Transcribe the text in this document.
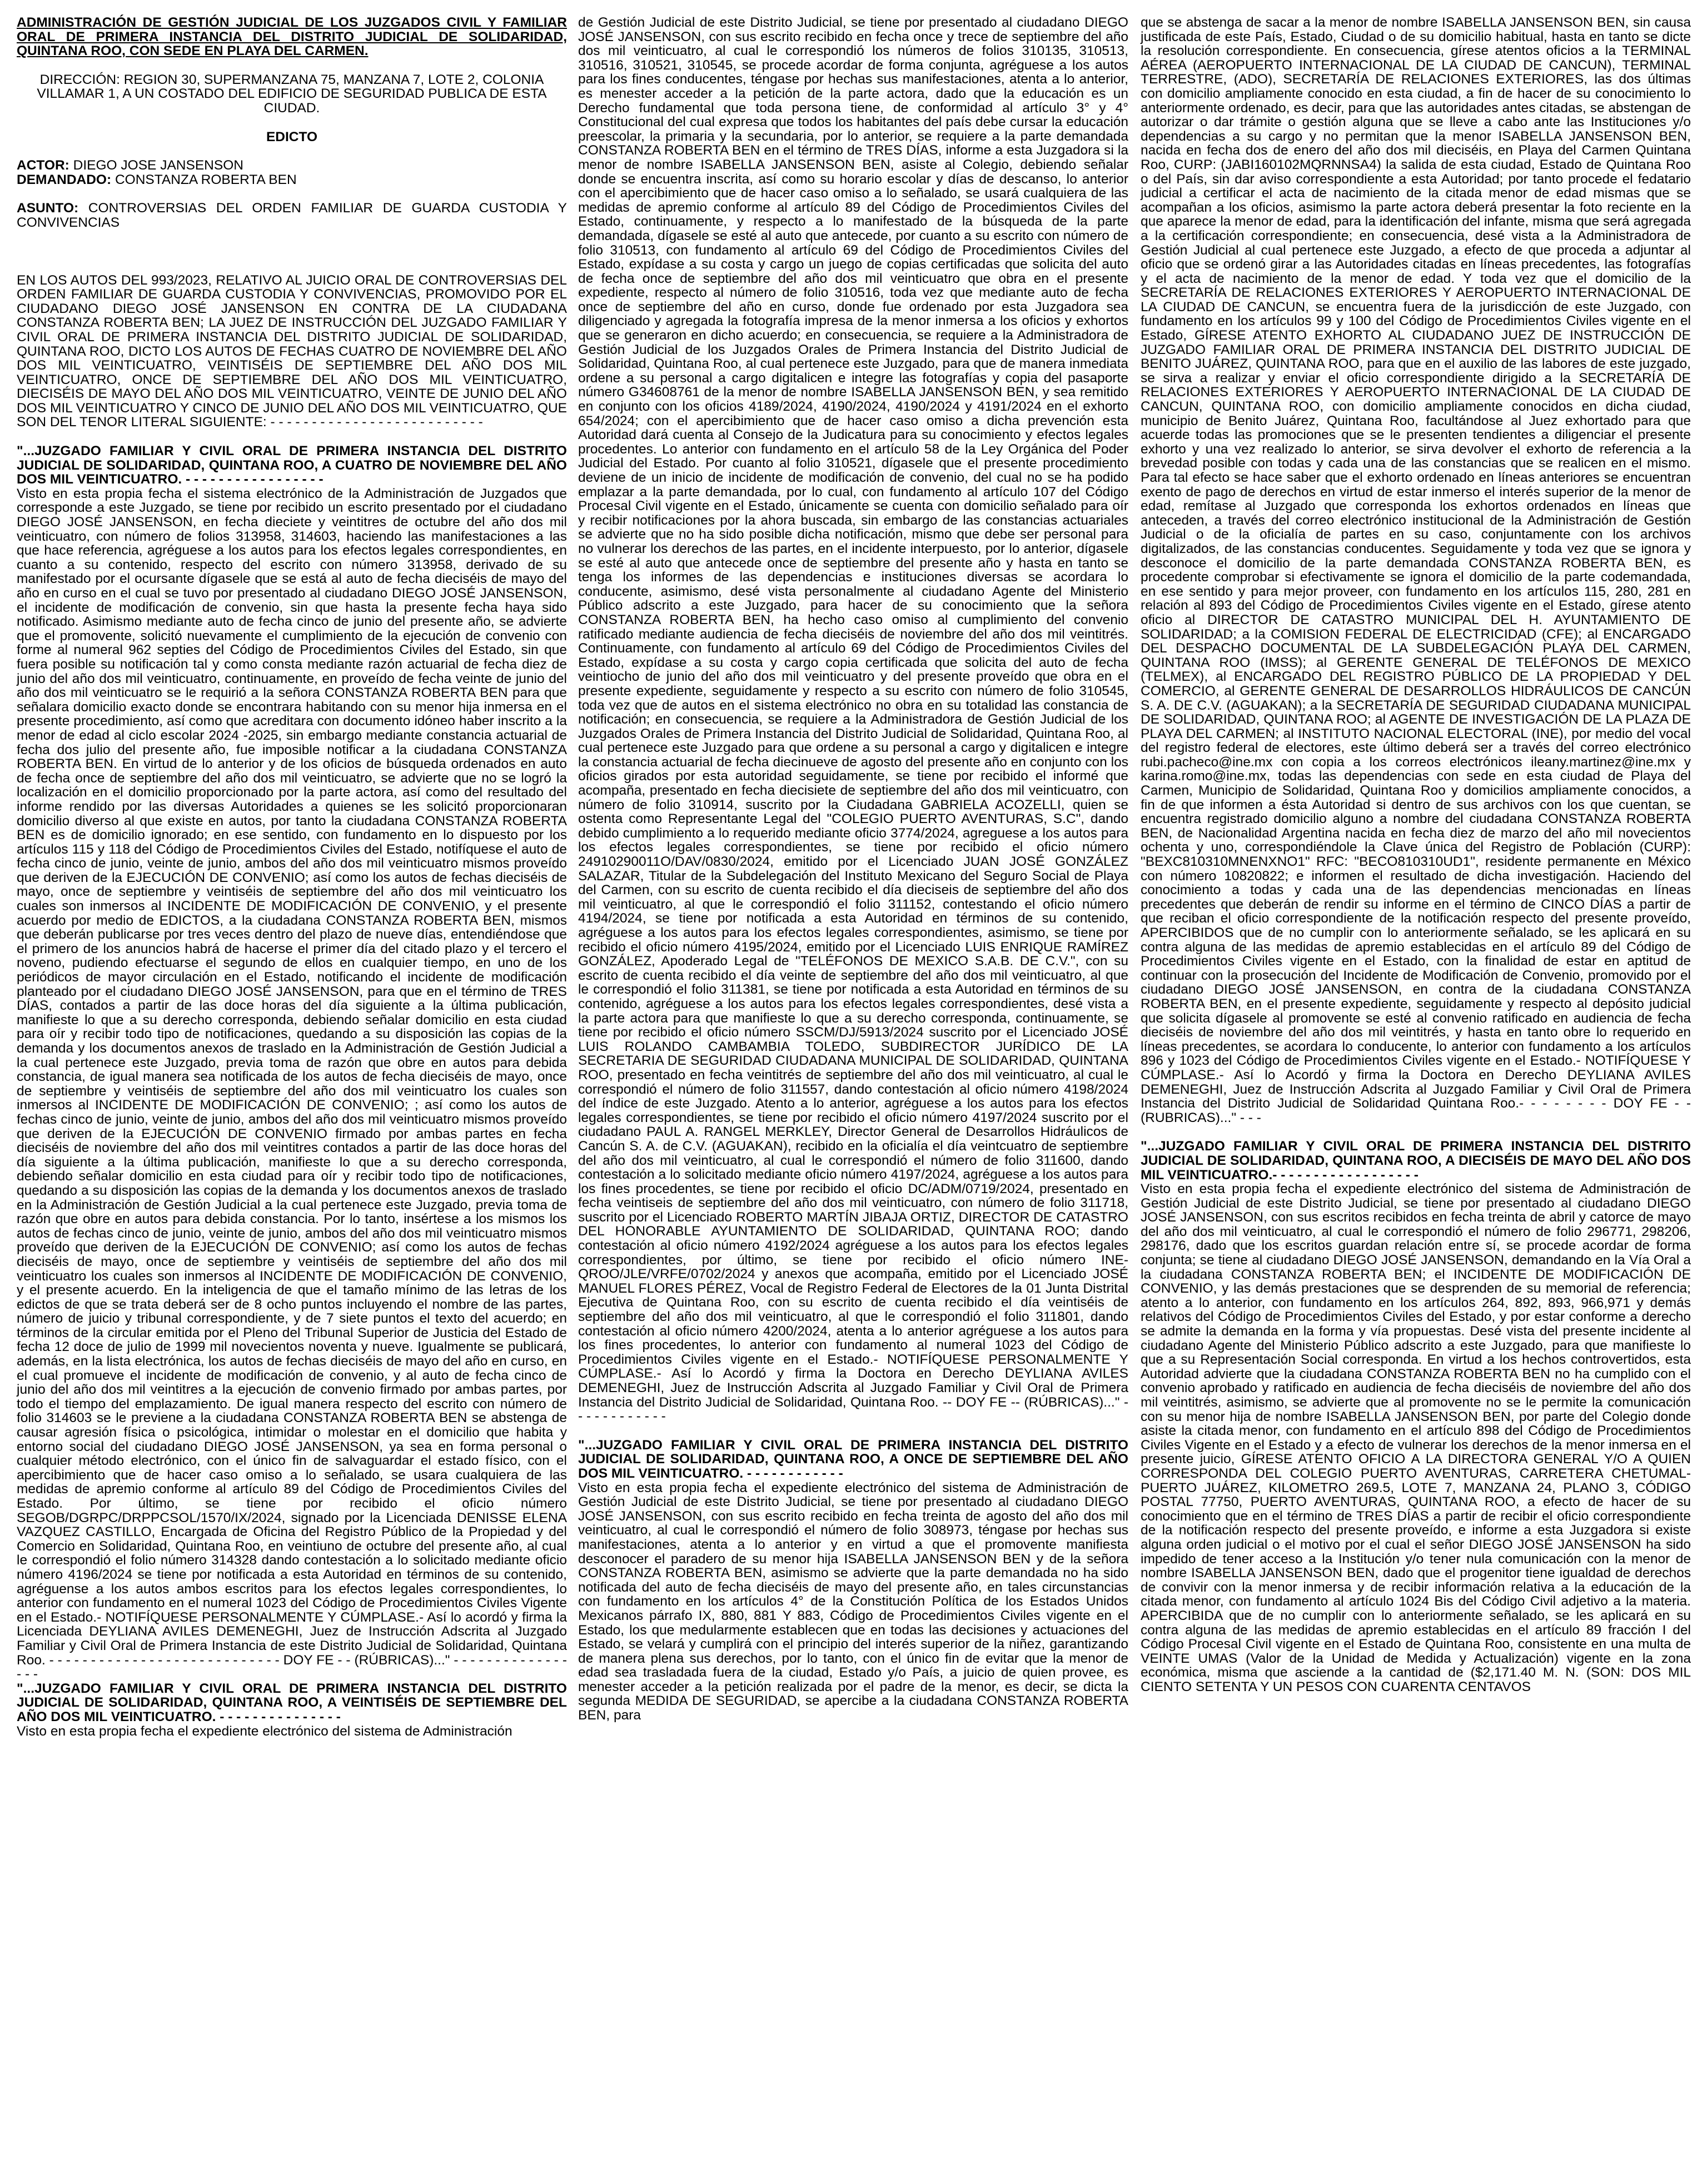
ADMINISTRACIÓN DE GESTIÓN JUDICIAL DE LOS JUZGADOS CIVIL Y FAMILIAR ORAL DE PRIMERA INSTANCIA DEL DISTRITO JUDICIAL DE SOLIDARIDAD, QUINTANA ROO, CON SEDE EN PLAYA DEL CARMEN.
DIRECCIÓN: REGION 30, SUPERMANZANA 75, MANZANA 7, LOTE 2, COLONIA VILLAMAR 1, A UN COSTADO DEL EDIFICIO DE SEGURIDAD PUBLICA DE ESTA CIUDAD.
EDICTO
ACTOR: DIEGO JOSE JANSENSON
DEMANDADO: CONSTANZA ROBERTA BEN
ASUNTO: CONTROVERSIAS DEL ORDEN FAMILIAR DE GUARDA CUSTODIA Y CONVIVENCIAS

EN LOS AUTOS DEL 993/2023, RELATIVO AL JUICIO ORAL DE CONTROVERSIAS DEL ORDEN FAMILIAR DE GUARDA CUSTODIA Y CONVIVENCIAS, PROMOVIDO POR EL CIUDADANO DIEGO JOSÉ JANSENSON EN CONTRA DE LA CIUDADANA CONSTANZA ROBERTA BEN; LA JUEZ DE INSTRUCCIÓN DEL JUZGADO FAMILIAR Y CIVIL ORAL DE PRIMERA INSTANCIA DEL DISTRITO JUDICIAL DE SOLIDARIDAD, QUINTANA ROO, DICTO LOS AUTOS DE FECHAS CUATRO DE NOVIEMBRE DEL AÑO DOS MIL VEINTICUATRO, VEINTISÉIS DE SEPTIEMBRE DEL AÑO DOS MIL VEINTICUATRO, ONCE DE SEPTIEMBRE DEL AÑO DOS MIL VEINTICUATRO, DIECISÉIS DE MAYO DEL AÑO DOS MIL VEINTICUATRO, VEINTE DE JUNIO DEL AÑO DOS MIL VEINTICUATRO Y CINCO DE JUNIO DEL AÑO DOS MIL VEINTICUATRO, QUE SON DEL TENOR LITERAL SIGUIENTE: - - - - - - - - - - - - - - - - - - - - - - - - - -

"...JUZGADO FAMILIAR Y CIVIL ORAL DE PRIMERA INSTANCIA DEL DISTRITO JUDICIAL DE SOLIDARIDAD, QUINTANA ROO, A CUATRO DE NOVIEMBRE DEL AÑO DOS MIL VEINTICUATRO. - - - - - - - - - - - - - - - - -

Visto en esta propia fecha el sistema electrónico de la Administración de Juzgados que corresponde a este Juzgado, se tiene por recibido un escrito presentado por el ciudadano DIEGO JOSÉ JANSENSON, en fecha dieciete y veintitres de octubre del año dos mil veinticuatro, con número de folios 313958, 314603, haciendo las manifestaciones a las que hace referencia, agréguese a los autos para los efectos legales correspondientes, en cuanto a su contenido, respecto del escrito con número 313958, derivado de su manifestado por el ocursante dígasele que se está al auto de fecha dieciséis de mayo del año en curso en el cual se tuvo por presentado al ciudadano DIEGO JOSÉ JANSENSON, el incidente de modificación de convenio, sin que hasta la presente fecha haya sido notificado. Asimismo mediante auto de fecha cinco de junio del presente año, se advierte que el promovente, solicitó nuevamente el cumplimiento de la ejecución de convenio con forme al numeral 962 septies del Código de Procedimientos Civiles del Estado, sin que fuera posible su notificación tal y como consta mediante razón actuarial de fecha diez de junio del año dos mil veinticuatro, continuamente, en proveído de fecha veinte de junio del año dos mil veinticuatro se le requirió a la señora CONSTANZA ROBERTA BEN para que señalara domicilio exacto donde se encontrara habitando con su menor hija inmersa en el presente procedimiento, así como que acreditara con documento idóneo haber inscrito a la menor de edad al ciclo escolar 2024 -2025, sin embargo mediante constancia actuarial de fecha dos julio del presente año, fue imposible notificar a la ciudadana CONSTANZA ROBERTA BEN. En virtud de lo anterior y de los oficios de búsqueda ordenados en auto de fecha once de septiembre del año dos mil veinticuatro, se advierte que no se logró la localización en el domicilio proporcionado por la parte actora, así como del resultado del informe rendido por las diversas Autoridades a quienes se les solicitó proporcionaran domicilio diverso al que existe en autos, por tanto la ciudadana CONSTANZA ROBERTA BEN es de domicilio ignorado; en ese sentido, con fundamento en lo dispuesto por los artículos 115 y 118 del Código de Procedimientos Civiles del Estado, notifíquese el auto de fecha cinco de junio, veinte de junio, ambos del año dos mil veinticuatro mismos proveído que deriven de la EJECUCIÓN DE CONVENIO; así como los autos de fechas dieciséis de mayo, once de septiembre y veintiséis de septiembre del año dos mil veinticuatro los cuales son inmersos al INCIDENTE DE MODIFICACIÓN DE CONVENIO, y el presente acuerdo por medio de EDICTOS, a la ciudadana CONSTANZA ROBERTA BEN, mismos que deberán publicarse por tres veces dentro del plazo de nueve días, entendiéndose que el primero de los anuncios habrá de hacerse el primer día del citado plazo y el tercero el noveno, pudiendo efectuarse el segundo de ellos en cualquier tiempo, en uno de los periódicos de mayor circulación en el Estado, notificando el incidente de modificación planteado por el ciudadano DIEGO JOSÉ JANSENSON, para que en el término de TRES DÍAS, contados a partir de las doce horas del día siguiente a la última publicación, manifieste lo que a su derecho corresponda, debiendo señalar domicilio en esta ciudad para oír y recibir todo tipo de notificaciones, quedando a su disposición las copias de la demanda y los documentos anexos de traslado en la Administración de Gestión Judicial a la cual pertenece este Juzgado, previa toma de razón que obre en autos para debida constancia, de igual manera sea notificada de los autos de fecha dieciséis de mayo, once de septiembre y veintiséis de septiembre del año dos mil veinticuatro los cuales son inmersos al INCIDENTE DE MODIFICACIÓN DE CONVENIO; ; así como los autos de fechas cinco de junio, veinte de junio, ambos del año dos mil veinticuatro mismos proveído que deriven de la EJECUCIÓN DE CONVENIO firmado por ambas partes en fecha dieciséis de noviembre del año dos mil veintitres contados a partir de las doce horas del día siguiente a la última publicación, manifieste lo que a su derecho corresponda, debiendo señalar domicilio en esta ciudad para oír y recibir todo tipo de notificaciones, quedando a su disposición las copias de la demanda y los documentos anexos de traslado en la Administración de Gestión Judicial a la cual pertenece este Juzgado, previa toma de razón que obre en autos para debida constancia. Por lo tanto, insértese a los mismos los autos de fechas cinco de junio, veinte de junio, ambos del año dos mil veinticuatro mismos proveído que deriven de la EJECUCIÓN DE CONVENIO; así como los autos de fechas dieciséis de mayo, once de septiembre y veintiséis de septiembre del año dos mil veinticuatro los cuales son inmersos al INCIDENTE DE MODIFICACIÓN DE CONVENIO, y el presente acuerdo. En la inteligencia de que el tamaño mínimo de las letras de los edictos de que se trata deberá ser de 8 ocho puntos incluyendo el nombre de las partes, número de juicio y tribunal correspondiente, y de 7 siete puntos el texto del acuerdo; en términos de la circular emitida por el Pleno del Tribunal Superior de Justicia del Estado de fecha 12 doce de julio de 1999 mil novecientos noventa y nueve. Igualmente se publicará, además, en la lista electrónica, los autos de fechas dieciséis de mayo del año en curso, en el cual promueve el incidente de modificación de convenio, y al auto de fecha cinco de junio del año dos mil veintitres a la ejecución de convenio firmado por ambas partes, por todo el tiempo del emplazamiento. De igual manera respecto del escrito con número de folio 314603 se le previene a la ciudadana CONSTANZA ROBERTA BEN se abstenga de causar agresión física o psicológica, intimidar o molestar en el domicilio que habita y entorno social del ciudadano DIEGO JOSÉ JANSENSON, ya sea en forma personal o cualquier método electrónico, con el único fin de salvaguardar el estado físico, con el apercibimiento que de hacer caso omiso a lo señalado, se usara cualquiera de las medidas de apremio conforme al artículo 89 del Código de Procedimientos Civiles del Estado. Por último, se tiene por recibido el oficio número SEGOB/DGRPC/DRPPCSOL/1570/IX/2024, signado por la Licenciada DENISSE ELENA VAZQUEZ CASTILLO, Encargada de Oficina del Registro Público de la Propiedad y del Comercio en Solidaridad, Quintana Roo, en veintiuno de octubre del presente año, al cual le correspondió el folio número 314328 dando contestación a lo solicitado mediante oficio número 4196/2024 se tiene por notificada a esta Autoridad en términos de su contenido, agréguense a los autos ambos escritos para los efectos legales correspondientes, lo anterior con fundamento en el numeral 1023 del Código de Procedimientos Civiles Vigente en el Estado.- NOTIFÍQUESE PERSONALMENTE Y CÚMPLASE.- Así lo acordó y firma la Licenciada DEYLIANA AVILES DEMENEGHI, Juez de Instrucción Adscrita al Juzgado Familiar y Civil Oral de Primera Instancia de este Distrito Judicial de Solidaridad, Quintana Roo. - - - - - - - - - - - - - - - - - - - - - - - - - - - - DOY FE - - (RÚBRICAS)..." - - - - - - - - - - - - - - - - -

"...JUZGADO FAMILIAR Y CIVIL ORAL DE PRIMERA INSTANCIA DEL DISTRITO JUDICIAL DE SOLIDARIDAD, QUINTANA ROO, A VEINTISÉIS DE SEPTIEMBRE DEL AÑO DOS MIL VEINTICUATRO. - - - - - - - - - - - - - - -

Visto en esta propia fecha el expediente electrónico del sistema de Administración

de Gestión Judicial de este Distrito Judicial, se tiene por presentado al ciudadano DIEGO JOSÉ JANSENSON, con sus escrito recibido en fecha once y trece de septiembre del año dos mil veinticuatro, al cual le correspondió los números de folios 310135, 310513, 310516, 310521, 310545, se procede acordar de forma conjunta, agréguese a los autos para los fines conducentes, téngase por hechas sus manifestaciones, atenta a lo anterior, es menester acceder a la petición de la parte actora, dado que la educación es un Derecho fundamental que toda persona tiene, de conformidad al artículo 3° y 4° Constitucional del cual expresa que todos los habitantes del país debe cursar la educación preescolar, la primaria y la secundaria, por lo anterior, se requiere a la parte demandada CONSTANZA ROBERTA BEN en el término de TRES DÍAS, informe a esta Juzgadora si la menor de nombre ISABELLA JANSENSON BEN, asiste al Colegio, debiendo señalar donde se encuentra inscrita, así como su horario escolar y días de descanso, lo anterior con el apercibimiento que de hacer caso omiso a lo señalado, se usará cualquiera de las medidas de apremio conforme al artículo 89 del Código de Procedimientos Civiles del Estado, continuamente, y respecto a lo manifestado de la búsqueda de la parte demandada, dígasele se esté al auto que antecede, por cuanto a su escrito con número de folio 310513, con fundamento al artículo 69 del Código de Procedimientos Civiles del Estado, expídase a su costa y cargo un juego de copias certificadas que solicita del auto de fecha once de septiembre del año dos mil veinticuatro que obra en el presente expediente, respecto al número de folio 310516, toda vez que mediante auto de fecha once de septiembre del año en curso, donde fue ordenado por esta Juzgadora sea diligenciado y agregada la fotografía impresa de la menor inmersa a los oficios y exhortos que se generaron en dicho acuerdo; en consecuencia, se requiere a la Administradora de Gestión Judicial de los Juzgados Orales de Primera Instancia del Distrito Judicial de Solidaridad, Quintana Roo, al cual pertenece este Juzgado, para que de manera inmediata ordene a su personal a cargo digitalicen e integre las fotografías y copia del pasaporte número G34608761 de la menor de nombre ISABELLA JANSENSON BEN, y sea remitido en conjunto con los oficios 4189/2024, 4190/2024, 4190/2024 y 4191/2024 en el exhorto 654/2024; con el apercibimiento que de hacer caso omiso a dicha prevención esta Autoridad dará cuenta al Consejo de la Judicatura para su conocimiento y efectos legales procedentes. Lo anterior con fundamento en el artículo 58 de la Ley Orgánica del Poder Judicial del Estado. Por cuanto al folio 310521, dígasele que el presente procedimiento deviene de un inicio de incidente de modificación de convenio, del cual no se ha podido emplazar a la parte demandada, por lo cual, con fundamento al artículo 107 del Código Procesal Civil vigente en el Estado, únicamente se cuenta con domicilio señalado para oír y recibir notificaciones por la ahora buscada, sin embargo de las constancias actuariales se advierte que no ha sido posible dicha notificación, mismo que debe ser personal para no vulnerar los derechos de las partes, en el incidente interpuesto, por lo anterior, dígasele se esté al auto que antecede once de septiembre del presente año y hasta en tanto se tenga los informes de las dependencias e instituciones diversas se acordara lo conducente, asimismo, desé vista personalmente al ciudadano Agente del Ministerio Público adscrito a este Juzgado, para hacer de su conocimiento que la señora CONSTANZA ROBERTA BEN, ha hecho caso omiso al cumplimiento del convenio ratificado mediante audiencia de fecha dieciséis de noviembre del año dos mil veintitrés. Continuamente, con fundamento al artículo 69 del Código de Procedimientos Civiles del Estado, expídase a su costa y cargo copia certificada que solicita del auto de fecha veintiocho de junio del año dos mil veinticuatro y del presente proveído que obra en el presente expediente, seguidamente y respecto a su escrito con número de folio 310545, toda vez que de autos en el sistema electrónico no obra en su totalidad las constancia de notificación; en consecuencia, se requiere a la Administradora de Gestión Judicial de los Juzgados Orales de Primera Instancia del Distrito Judicial de Solidaridad, Quintana Roo, al cual pertenece este Juzgado para que ordene a su personal a cargo y digitalicen e integre la constancia actuarial de fecha diecinueve de agosto del presente año en conjunto con los oficios girados por esta autoridad seguidamente, se tiene por recibido el informé que acompaña, presentado en fecha diecisiete de septiembre del año dos mil veinticuatro, con número de folio 310914, suscrito por la Ciudadana GABRIELA ACOZELLI, quien se ostenta como Representante Legal del "COLEGIO PUERTO AVENTURAS, S.C", dando debido cumplimiento a lo requerido mediante oficio 3774/2024, agreguese a los autos para los efectos legales correspondientes, se tiene por recibido el oficio número 24910290011O/DAV/0830/2024, emitido por el Licenciado JUAN JOSÉ GONZÁLEZ SALAZAR, Titular de la Subdelegación del Instituto Mexicano del Seguro Social de Playa del Carmen, con su escrito de cuenta recibido el día dieciseis de septiembre del año dos mil veinticuatro, al que le correspondió el folio 311152, contestando el oficio número 4194/2024, se tiene por notificada a esta Autoridad en términos de su contenido, agréguese a los autos para los efectos legales correspondientes, asimismo, se tiene por recibido el oficio número 4195/2024, emitido por el Licenciado LUIS ENRIQUE RAMÍREZ GONZÁLEZ, Apoderado Legal de "TELÉFONOS DE MEXICO S.A.B. DE C.V.", con su escrito de cuenta recibido el día veinte de septiembre del año dos mil veinticuatro, al que le correspondió el folio 311381, se tiene por notificada a esta Autoridad en términos de su contenido, agréguese a los autos para los efectos legales correspondientes, desé vista a la parte actora para que manifieste lo que a su derecho corresponda, continuamente, se tiene por recibido el oficio número SSCM/DJ/5913/2024 suscrito por el Licenciado JOSÉ LUIS ROLANDO CAMBAMBIA TOLEDO, SUBDIRECTOR JURÍDICO DE LA SECRETARIA DE SEGURIDAD CIUDADANA MUNICIPAL DE SOLIDARIDAD, QUINTANA ROO, presentado en fecha veintitrés de septiembre del año dos mil veinticuatro, al cual le correspondió el número de folio 311557, dando contestación al oficio número 4198/2024 del índice de este Juzgado. Atento a lo anterior, agréguese a los autos para los efectos legales correspondientes, se tiene por recibido el oficio número 4197/2024 suscrito por el ciudadano PAUL A. RANGEL MERKLEY, Director General de Desarrollos Hidráulicos de Cancún S. A. de C.V. (AGUAKAN), recibido en la oficialía el día veintcuatro de septiembre del año dos mil veinticuatro, al cual le correspondió el número de folio 311600, dando contestación a lo solicitado mediante oficio número 4197/2024, agréguese a los autos para los fines procedentes, se tiene por recibido el oficio DC/ADM/0719/2024, presentado en fecha veintiseis de septiembre del año dos mil veinticuatro, con número de folio 311718, suscrito por el Licenciado ROBERTO MARTÍN JIBAJA ORTIZ, DIRECTOR DE CATASTRO DEL HONORABLE AYUNTAMIENTO DE SOLIDARIDAD, QUINTANA ROO; dando contestación al oficio número 4192/2024 agréguese a los autos para los efectos legales correspondientes, por último, se tiene por recibido el oficio número INE-QROO/JLE/VRFE/0702/2024 y anexos que acompaña, emitido por el Licenciado JOSÉ MANUEL FLORES PÉREZ, Vocal de Registro Federal de Electores de la 01 Junta Distrital Ejecutiva de Quintana Roo, con su escrito de cuenta recibido el día veintiséis de septiembre del año dos mil veinticuatro, al que le correspondió el folio 311801, dando contestación al oficio número 4200/2024, atenta a lo anterior agréguese a los autos para los fines procedentes, lo anterior con fundamento al numeral 1023 del Código de Procedimientos Civiles vigente en el Estado.- NOTIFÍQUESE PERSONALMENTE Y CÚMPLASE.- Así lo Acordó y firma la Doctora en Derecho DEYLIANA AVILES DEMENEGHI, Juez de Instrucción Adscrita al Juzgado Familiar y Civil Oral de Primera Instancia del Distrito Judicial de Solidaridad, Quintana Roo. -- DOY FE -- (RÚBRICAS)..." - - - - - - - - - - - -

"...JUZGADO FAMILIAR Y CIVIL ORAL DE PRIMERA INSTANCIA DEL DISTRITO JUDICIAL DE SOLIDARIDAD, QUINTANA ROO, A ONCE DE SEPTIEMBRE DEL AÑO DOS MIL VEINTICUATRO. - - - - - - - - - - - -

Visto en esta propia fecha el expediente electrónico del sistema de Administración de Gestión Judicial de este Distrito Judicial, se tiene por presentado al ciudadano DIEGO JOSÉ JANSENSON, con sus escrito recibido en fecha treinta de agosto del año dos mil veinticuatro, al cual le correspondió el número de folio 308973, téngase por hechas sus manifestaciones, atenta a lo anterior y en virtud a que el promovente manifiesta desconocer el paradero de su menor hija ISABELLA JANSENSON BEN y de la señora CONSTANZA ROBERTA BEN, asimismo se advierte que la parte demandada no ha sido notificada del auto de fecha dieciséis de mayo del presente año, en tales circunstancias con fundamento en los artículos 4° de la Constitución Política de los Estados Unidos Mexicanos párrafo IX, 880, 881 Y 883, Código de Procedimientos Civiles vigente en el Estado, los que medularmente establecen que en todas las decisiones y actuaciones del Estado, se velará y cumplirá con el principio del interés superior de la niñez, garantizando de manera plena sus derechos, por lo tanto, con el único fin de evitar que la menor de edad sea trasladada fuera de la ciudad, Estado y/o País, a juicio de quien provee, es menester acceder a la petición realizada por el padre de la menor, es decir, se dicta la segunda MEDIDA DE SEGURIDAD, se apercibe a la ciudadana CONSTANZA ROBERTA BEN, para

que se abstenga de sacar a la menor de nombre ISABELLA JANSENSON BEN, sin causa justificada de este País, Estado, Ciudad o de su domicilio habitual, hasta en tanto se dicte la resolución correspondiente. En consecuencia, gírese atentos oficios a la TERMINAL AÉREA (AEROPUERTO INTERNACIONAL DE LA CIUDAD DE CANCUN), TERMINAL TERRESTRE, (ADO), SECRETARÍA DE RELACIONES EXTERIORES, las dos últimas con domicilio ampliamente conocido en esta ciudad, a fin de hacer de su conocimiento lo anteriormente ordenado, es decir, para que las autoridades antes citadas, se abstengan de autorizar o dar trámite o gestión alguna que se lleve a cabo ante las Instituciones y/o dependencias a su cargo y no permitan que la menor ISABELLA JANSENSON BEN, nacida en fecha dos de enero del año dos mil dieciséis, en Playa del Carmen Quintana Roo, CURP: (JABI160102MQRNNSA4) la salida de esta ciudad, Estado de Quintana Roo o del País, sin dar aviso correspondiente a esta Autoridad; por tanto procede el fedatario judicial a certificar el acta de nacimiento de la citada menor de edad mismas que se acompañan a los oficios, asimismo la parte actora deberá presentar la foto reciente en la que aparece la menor de edad, para la identificación del infante, misma que será agregada a la certificación correspondiente; en consecuencia, desé vista a la Administradora de Gestión Judicial al cual pertenece este Juzgado, a efecto de que proceda a adjuntar al oficio que se ordenó girar a las Autoridades citadas en líneas precedentes, las fotografías y el acta de nacimiento de la menor de edad. Y toda vez que el domicilio de la SECRETARÍA DE RELACIONES EXTERIORES Y AEROPUERTO INTERNACIONAL DE LA CIUDAD DE CANCUN, se encuentra fuera de la jurisdicción de este Juzgado, con fundamento en los artículos 99 y 100 del Código de Procedimientos Civiles vigente en el Estado, GÍRESE ATENTO EXHORTO AL CIUDADANO JUEZ DE INSTRUCCIÓN DE JUZGADO FAMILIAR ORAL DE PRIMERA INSTANCIA DEL DISTRITO JUDICIAL DE BENITO JUÁREZ, QUINTANA ROO, para que en el auxilio de las labores de este juzgado, se sirva a realizar y enviar el oficio correspondiente dirigido a la SECRETARÍA DE RELACIONES EXTERIORES Y AEROPUERTO INTERNACIONAL DE LA CIUDAD DE CANCUN, QUINTANA ROO, con domicilio ampliamente conocidos en dicha ciudad, municipio de Benito Juárez, Quintana Roo, facultándose al Juez exhortado para que acuerde todas las promociones que se le presenten tendientes a diligenciar el presente exhorto y una vez realizado lo anterior, se sirva devolver el exhorto de referencia a la brevedad posible con todas y cada una de las constancias que se realicen en el mismo. Para tal efecto se hace saber que el exhorto ordenado en líneas anteriores se encuentran exento de pago de derechos en virtud de estar inmerso el interés superior de la menor de edad, remítase al Juzgado que corresponda los exhortos ordenados en líneas que anteceden, a través del correo electrónico institucional de la Administración de Gestión Judicial o de la oficialía de partes en su caso, conjuntamente con los archivos digitalizados, de las constancias conducentes. Seguidamente y toda vez que se ignora y desconoce el domicilio de la parte demandada CONSTANZA ROBERTA BEN, es procedente comprobar si efectivamente se ignora el domicilio de la parte codemandada, en ese sentido y para mejor proveer, con fundamento en los artículos 115, 280, 281 en relación al 893 del Código de Procedimientos Civiles vigente en el Estado, gírese atento oficio al DIRECTOR DE CATASTRO MUNICIPAL DEL H. AYUNTAMIENTO DE SOLIDARIDAD; a la COMISION FEDERAL DE ELECTRICIDAD (CFE); al ENCARGADO DEL DESPACHO DOCUMENTAL DE LA SUBDELEGACIÓN PLAYA DEL CARMEN, QUINTANA ROO (IMSS); al GERENTE GENERAL DE TELÉFONOS DE MEXICO (TELMEX), al ENCARGADO DEL REGISTRO PÚBLICO DE LA PROPIEDAD Y DEL COMERCIO, al GERENTE GENERAL DE DESARROLLOS HIDRÁULICOS DE CANCÚN S. A. DE C.V. (AGUAKAN); a la SECRETARÍA DE SEGURIDAD CIUDADANA MUNICIPAL DE SOLIDARIDAD, QUINTANA ROO; al AGENTE DE INVESTIGACIÓN DE LA PLAZA DE PLAYA DEL CARMEN; al INSTITUTO NACIONAL ELECTORAL (INE), por medio del vocal del registro federal de electores, este último deberá ser a través del correo electrónico rubi.pacheco@ine.mx con copia a los correos electrónicos ileany.martinez@ine.mx y karina.romo@ine.mx, todas las dependencias con sede en esta ciudad de Playa del Carmen, Municipio de Solidaridad, Quintana Roo y domicilios ampliamente conocidos, a fin de que informen a ésta Autoridad si dentro de sus archivos con los que cuentan, se encuentra registrado domicilio alguno a nombre del ciudadana CONSTANZA ROBERTA BEN, de Nacionalidad Argentina nacida en fecha diez de marzo del año mil novecientos ochenta y uno, correspondiéndole la Clave única del Registro de Población (CURP): "BEXC810310MNENXNO1" RFC: "BECO810310UD1", residente permanente en México con número 10820822; e informen el resultado de dicha investigación. Haciendo del conocimiento a todas y cada una de las dependencias mencionadas en líneas precedentes que deberán de rendir su informe en el término de CINCO DÍAS a partir de que reciban el oficio correspondiente de la notificación respecto del presente proveído, APERCIBIDOS que de no cumplir con lo anteriormente señalado, se les aplicará en su contra alguna de las medidas de apremio establecidas en el artículo 89 del Código de Procedimientos Civiles vigente en el Estado, con la finalidad de estar en aptitud de continuar con la prosecución del Incidente de Modificación de Convenio, promovido por el ciudadano DIEGO JOSÉ JANSENSON, en contra de la ciudadana CONSTANZA ROBERTA BEN, en el presente expediente, seguidamente y respecto al depósito judicial que solicita dígasele al promovente se esté al convenio ratificado en audiencia de fecha dieciséis de noviembre del año dos mil veintitrés, y hasta en tanto obre lo requerido en líneas precedentes, se acordara lo conducente, lo anterior con fundamento a los artículos 896 y 1023 del Código de Procedimientos Civiles vigente en el Estado.- NOTIFÍQUESE Y CÚMPLASE.- Así lo Acordó y firma la Doctora en Derecho DEYLIANA AVILES DEMENEGHI, Juez de Instrucción Adscrita al Juzgado Familiar y Civil Oral de Primera Instancia del Distrito Judicial de Solidaridad Quintana Roo.- - - - - - - - DOY FE - - (RUBRICAS)..." - - -

"...JUZGADO FAMILIAR Y CIVIL ORAL DE PRIMERA INSTANCIA DEL DISTRITO JUDICIAL DE SOLIDARIDAD, QUINTANA ROO, A DIECISÉIS DE MAYO DEL AÑO DOS MIL VEINTICUATRO.- - - - - - - - - - - - - - - - - -

Visto en esta propia fecha el expediente electrónico del sistema de Administración de Gestión Judicial de este Distrito Judicial, se tiene por presentado al ciudadano DIEGO JOSÉ JANSENSON, con sus escritos recibidos en fecha treinta de abril y catorce de mayo del año dos mil veinticuatro, al cual le correspondió el número de folio 296771, 298206, 298176, dado que los escritos guardan relación entre sí, se procede acordar de forma conjunta; se tiene al ciudadano DIEGO JOSÉ JANSENSON, demandando en la Vía Oral a la ciudadana CONSTANZA ROBERTA BEN; el INCIDENTE DE MODIFICACIÓN DE CONVENIO, y las demás prestaciones que se desprenden de su memorial de referencia; atento a lo anterior, con fundamento en los artículos 264, 892, 893, 966,971 y demás relativos del Código de Procedimientos Civiles del Estado, y por estar conforme a derecho se admite la demanda en la forma y vía propuestas. Desé vista del presente incidente al ciudadano Agente del Ministerio Público adscrito a este Juzgado, para que manifieste lo que a su Representación Social corresponda. En virtud a los hechos controvertidos, esta Autoridad advierte que la ciudadana CONSTANZA ROBERTA BEN no ha cumplido con el convenio aprobado y ratificado en audiencia de fecha dieciséis de noviembre del año dos mil veintitrés, asimismo, se advierte que al promovente no se le permite la comunicación con su menor hija de nombre ISABELLA JANSENSON BEN, por parte del Colegio donde asiste la citada menor, con fundamento en el artículo 898 del Código de Procedimientos Civiles Vigente en el Estado y a efecto de vulnerar los derechos de la menor inmersa en el presente juicio, GÍRESE ATENTO OFICIO A LA DIRECTORA GENERAL Y/O A QUIEN CORRESPONDA DEL COLEGIO PUERTO AVENTURAS, CARRETERA CHETUMAL-PUERTO JUÁREZ, KILOMETRO 269.5, LOTE 7, MANZANA 24, PLANO 3, CÓDIGO POSTAL 77750, PUERTO AVENTURAS, QUINTANA ROO, a efecto de hacer de su conocimiento que en el término de TRES DÍAS a partir de recibir el oficio correspondiente de la notificación respecto del presente proveído, e informe a esta Juzgadora si existe alguna orden judicial o el motivo por el cual el señor DIEGO JOSÉ JANSENSON ha sido impedido de tener acceso a la Institución y/o tener nula comunicación con la menor de nombre ISABELLA JANSENSON BEN, dado que el progenitor tiene igualdad de derechos de convivir con la menor inmersa y de recibir información relativa a la educación de la citada menor, con fundamento al artículo 1024 Bis del Código Civil adjetivo a la materia. APERCIBIDA que de no cumplir con lo anteriormente señalado, se les aplicará en su contra alguna de las medidas de apremio establecidas en el artículo 89 fracción I del Código Procesal Civil vigente en el Estado de Quintana Roo, consistente en una multa de VEINTE UMAS (Valor de la Unidad de Medida y Actualización) vigente en la zona económica, misma que asciende a la cantidad de ($2,171.40 M. N. (SON: DOS MIL CIENTO SETENTA Y UN PESOS CON CUARENTA CENTAVOS
